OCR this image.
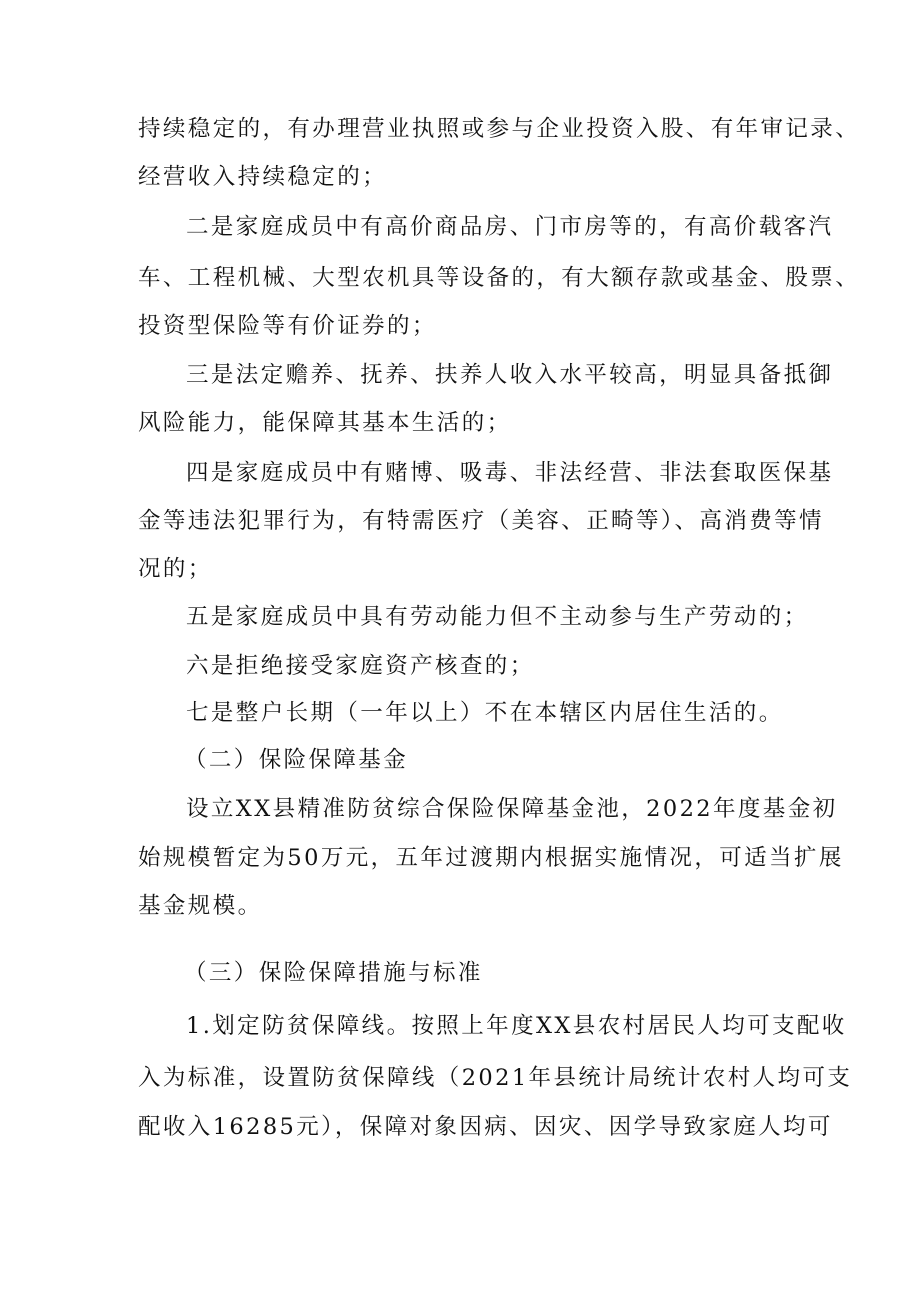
持续稳定的，有办理营业执照或参与企业投资入股、有年审记录、
经营收入持续稳定的；
二是家庭成员中有高价商品房、门市房等的，有高价载客汽
车、工程机械、大型农机具等设备的，有大额存款或基金、股票、
投资型保险等有价证券的；
三是法定赡养、抚养、扶养人收入水平较高，明显具备抵御
风险能力，能保障其基本生活的；
四是家庭成员中有赌博、吸毒、非法经营、非法套取医保基
金等违法犯罪行为，有特需医疗（美容、正畸等）、高消费等情
况的；
五是家庭成员中具有劳动能力但不主动参与生产劳动的；
六是拒绝接受家庭资产核查的；
七是整户长期（一年以上）不在本辖区内居住生活的。
（二）保险保障基金
设立XX县精准防贫综合保险保障基金池，2022年度基金初
始规模暂定为50万元，五年过渡期内根据实施情况，可适当扩展
基金规模。
（三）保险保障措施与标准
1.划定防贫保障线。按照上年度XX县农村居民人均可支配收
入为标准，设置防贫保障线（2021年县统计局统计农村人均可支
配收入16285元），保障对象因病、因灾、因学导致家庭人均可
